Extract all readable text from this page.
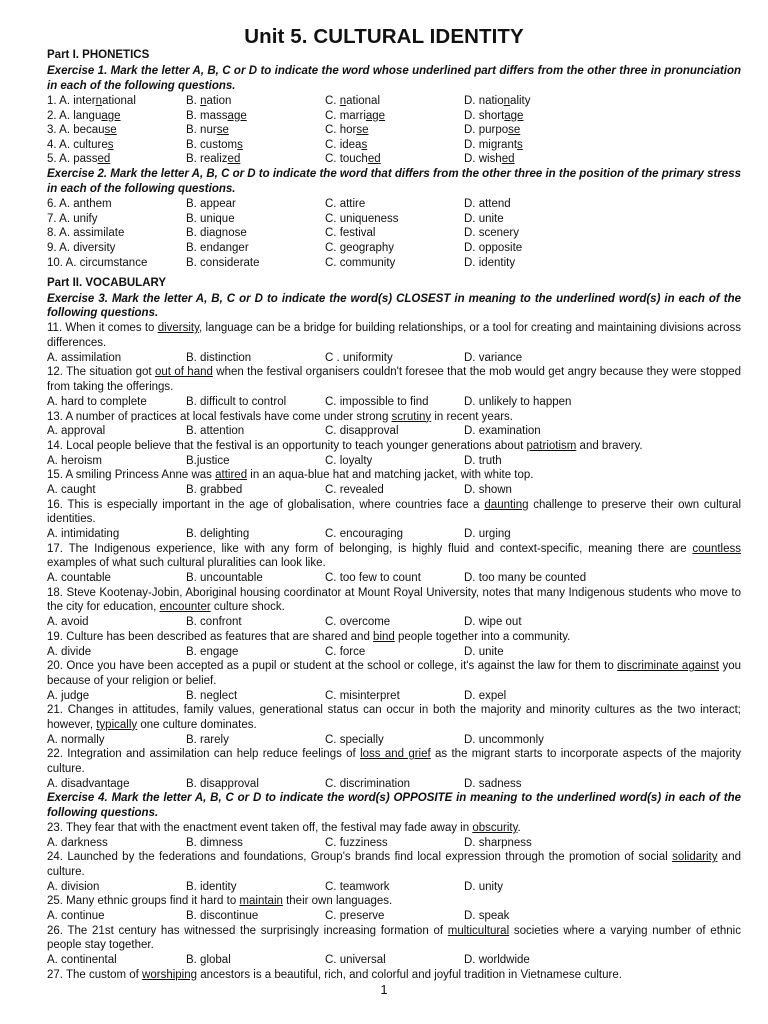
Unit 5. CULTURAL IDENTITY
Part I. PHONETICS
Exercise 1. Mark the letter A, B, C or D to indicate the word whose underlined part differs from the other three in pronunciation in each of the following questions.
1. A. international	B. nation	C. national	D. nationality
2. A. language	B. massage	C. marriage	D. shortage
3. A. because	B. nurse	C. horse	D. purpose
4. A. cultures	B. customs	C. ideas	D. migrants
5. A. passed	B. realized	C. touched	D. wished
Exercise 2. Mark the letter A, B, C or D to indicate the word that differs from the other three in the position of the primary stress in each of the following questions.
6. A. anthem	B. appear	C. attire	D. attend
7. A. unify	B. unique	C. uniqueness	D. unite
8. A. assimilate	B. diagnose	C. festival	D. scenery
9. A. diversity	B. endanger	C. geography	D. opposite
10. A. circumstance	B. considerate	C. community	D. identity
Part II. VOCABULARY
Exercise 3. Mark the letter A, B, C or D to indicate the word(s) CLOSEST in meaning to the underlined word(s) in each of the following questions.
11. When it comes to diversity, language can be a bridge for building relationships, or a tool for creating and maintaining divisions across differences.
A. assimilation	B. distinction	C . uniformity	D. variance
12. The situation got out of hand when the festival organisers couldn't foresee that the mob would get angry because they were stopped from taking the offerings.
A. hard to complete	B. difficult to control	C. impossible to find	D. unlikely to happen
13. A number of practices at local festivals have come under strong scrutiny in recent years.
A. approval	B. attention	C. disapproval	D. examination
14. Local people believe that the festival is an opportunity to teach younger generations about patriotism and bravery.
A. heroism	B.justice	C. loyalty	D. truth
15. A smiling Princess Anne was attired in an aqua-blue hat and matching jacket, with white top.
A. caught	B. grabbed	C. revealed	D. shown
16. This is especially important in the age of globalisation, where countries face a daunting challenge to preserve their own cultural identities.
A. intimidating	B. delighting	C. encouraging	D. urging
17. The Indigenous experience, like with any form of belonging, is highly fluid and context-specific, meaning there are countless examples of what such cultural pluralities can look like.
A. countable	B. uncountable	C. too few to count	D. too many be counted
18. Steve Kootenay-Jobin, Aboriginal housing coordinator at Mount Royal University, notes that many Indigenous students who move to the city for education, encounter culture shock.
A. avoid	B. confront	C. overcome	D. wipe out
19. Culture has been described as features that are shared and bind people together into a community.
A. divide	B. engage	C. force	D. unite
20. Once you have been accepted as a pupil or student at the school or college, it's against the law for them to discriminate against you because of your religion or belief.
A. judge	B. neglect	C. misinterpret	D. expel
21. Changes in attitudes, family values, generational status can occur in both the majority and minority cultures as the two interact; however, typically one culture dominates.
A. normally	B. rarely	C. specially	D. uncommonly
22. Integration and assimilation can help reduce feelings of loss and grief as the migrant starts to incorporate aspects of the majority culture.
A. disadvantage	B. disapproval	C. discrimination	D. sadness
Exercise 4. Mark the letter A, B, C or D to indicate the word(s) OPPOSITE in meaning to the underlined word(s) in each of the following questions.
23. They fear that with the enactment event taken off, the festival may fade away in obscurity.
A. darkness	B. dimness	C. fuzziness	D. sharpness
24. Launched by the federations and foundations, Group's brands find local expression through the promotion of social solidarity and culture.
A. division	B. identity	C. teamwork	D. unity
25. Many ethnic groups find it hard to maintain their own languages.
A. continue	B. discontinue	C. preserve	D. speak
26. The 21st century has witnessed the surprisingly increasing formation of multicultural societies where a varying number of ethnic people stay together.
A. continental	B. global	C. universal	D. worldwide
27. The custom of worshiping ancestors is a beautiful, rich, and colorful and joyful tradition in Vietnamese culture.
1
